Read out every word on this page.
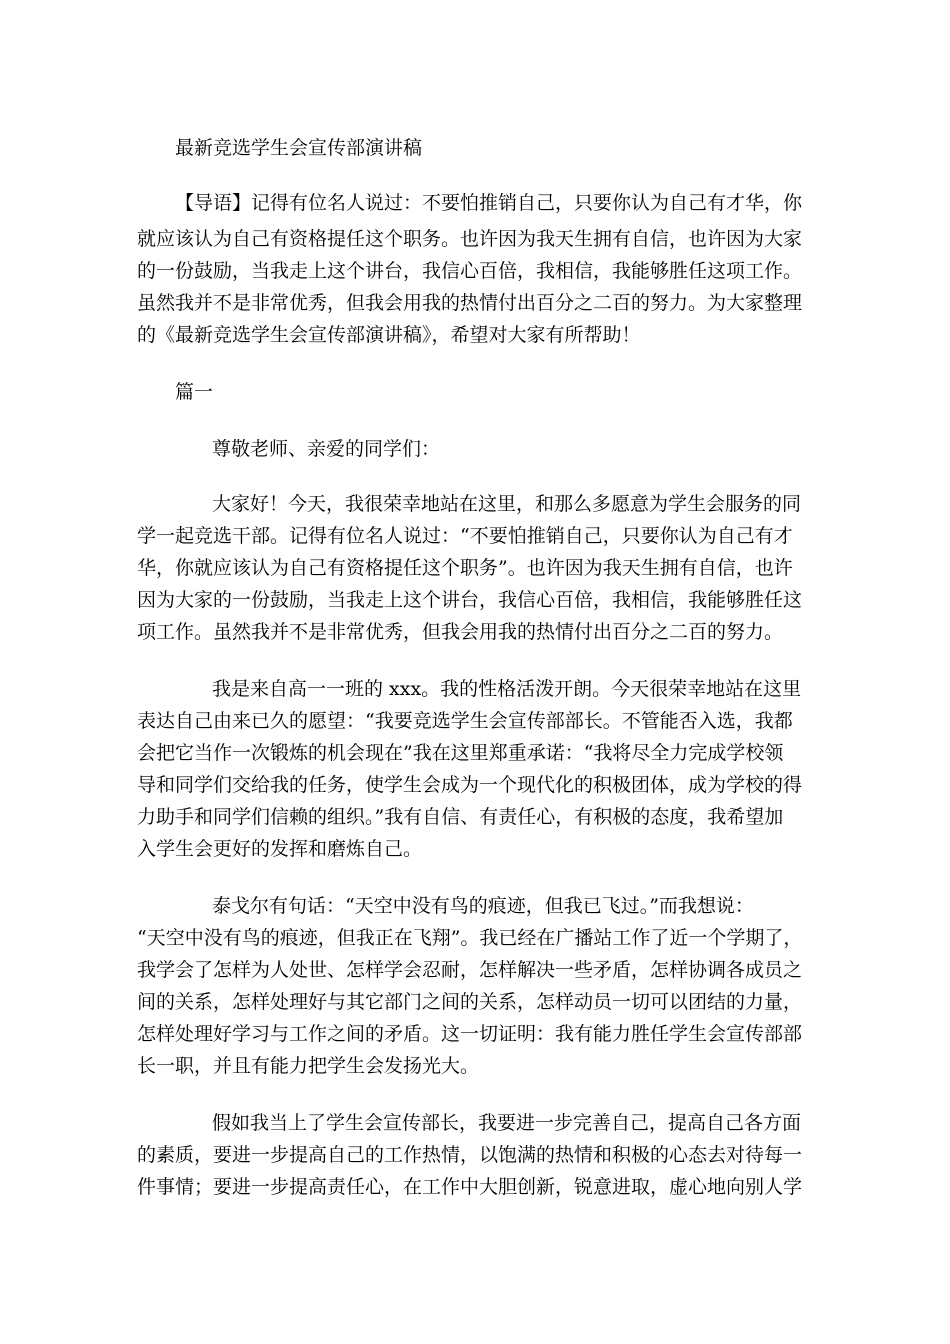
最新竞选学生会宣传部演讲稿
【导语】记得有位名人说过：不要怕推销自己，只要你认为自己有才华，你
就应该认为自己有资格提任这个职务。也许因为我天生拥有自信，也许因为大家
的一份鼓励，当我走上这个讲台，我信心百倍，我相信，我能够胜任这项工作。
虽然我并不是非常优秀，但我会用我的热情付出百分之二百的努力。为大家整理
的《最新竞选学生会宣传部演讲稿》，希望对大家有所帮助！
篇一
尊敬老师、亲爱的同学们：
大家好！今天，我很荣幸地站在这里，和那么多愿意为学生会服务的同
学一起竞选干部。记得有位名人说过：“不要怕推销自己，只要你认为自己有才
华，你就应该认为自己有资格提任这个职务”。也许因为我天生拥有自信，也许
因为大家的一份鼓励，当我走上这个讲台，我信心百倍，我相信，我能够胜任这
项工作。虽然我并不是非常优秀，但我会用我的热情付出百分之二百的努力。
我是来自高一一班的 xxx。我的性格活泼开朗。今天很荣幸地站在这里
表达自己由来已久的愿望：“我要竞选学生会宣传部部长。不管能否入选，我都
会把它当作一次锻炼的机会现在”我在这里郑重承诺：“我将尽全力完成学校领
导和同学们交给我的任务，使学生会成为一个现代化的积极团体，成为学校的得
力助手和同学们信赖的组织。”我有自信、有责任心，有积极的态度，我希望加
入学生会更好的发挥和磨炼自己。
泰戈尔有句话：“天空中没有鸟的痕迹，但我已飞过。”而我想说：
“天空中没有鸟的痕迹，但我正在飞翔”。我已经在广播站工作了近一个学期了，
我学会了怎样为人处世、怎样学会忍耐，怎样解决一些矛盾，怎样协调各成员之
间的关系，怎样处理好与其它部门之间的关系，怎样动员一切可以团结的力量，
怎样处理好学习与工作之间的矛盾。这一切证明：我有能力胜任学生会宣传部部
长一职，并且有能力把学生会发扬光大。
假如我当上了学生会宣传部长，我要进一步完善自己，提高自己各方面
的素质，要进一步提高自己的工作热情，以饱满的热情和积极的心态去对待每一
件事情；要进一步提高责任心，在工作中大胆创新，锐意进取，虚心地向别人学
